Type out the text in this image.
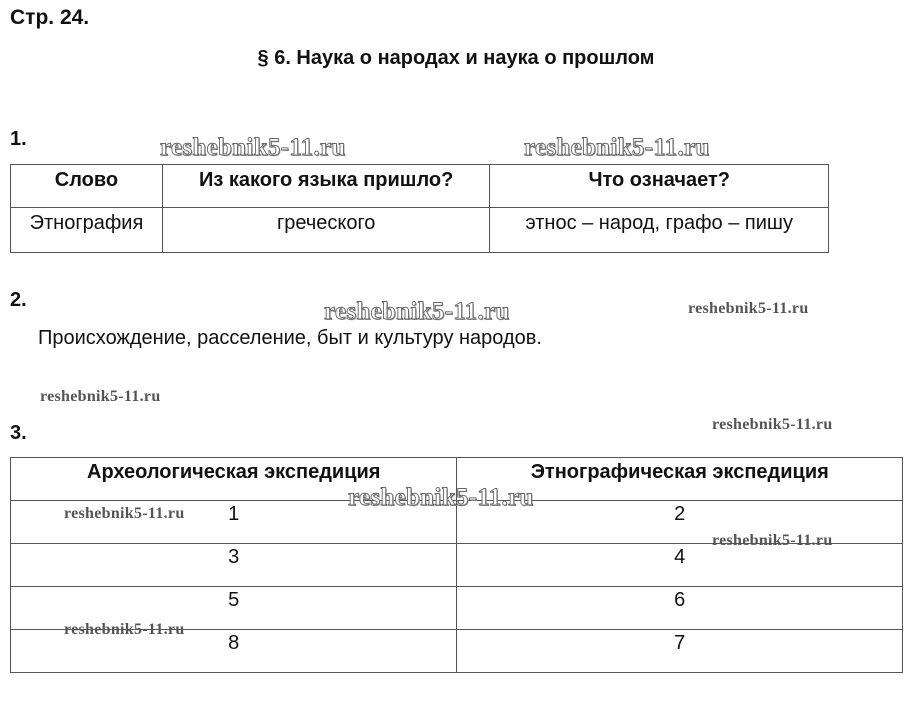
Стр. 24.
§ 6. Наука о народах и наука о прошлом
1.
Слово	Из какого языка пришло?	Что означает?
Этнография	греческого	этнос – народ, графо – пишу
2.
Происхождение, расселение, быт и культуру народов.
3.
Археологическая экспедиция	Этнографическая экспедиция
1	2
3	4
5	6
8	7
reshebnik5-11.ru	reshebnik5-11.ru
reshebnik5-11.ru	reshebnik5-11.ru
reshebnik5-11.ru
reshebnik5-11.ru
reshebnik5-11.ru
reshebnik5-11.ru
reshebnik5-11.ru
reshebnik5-11.ru
